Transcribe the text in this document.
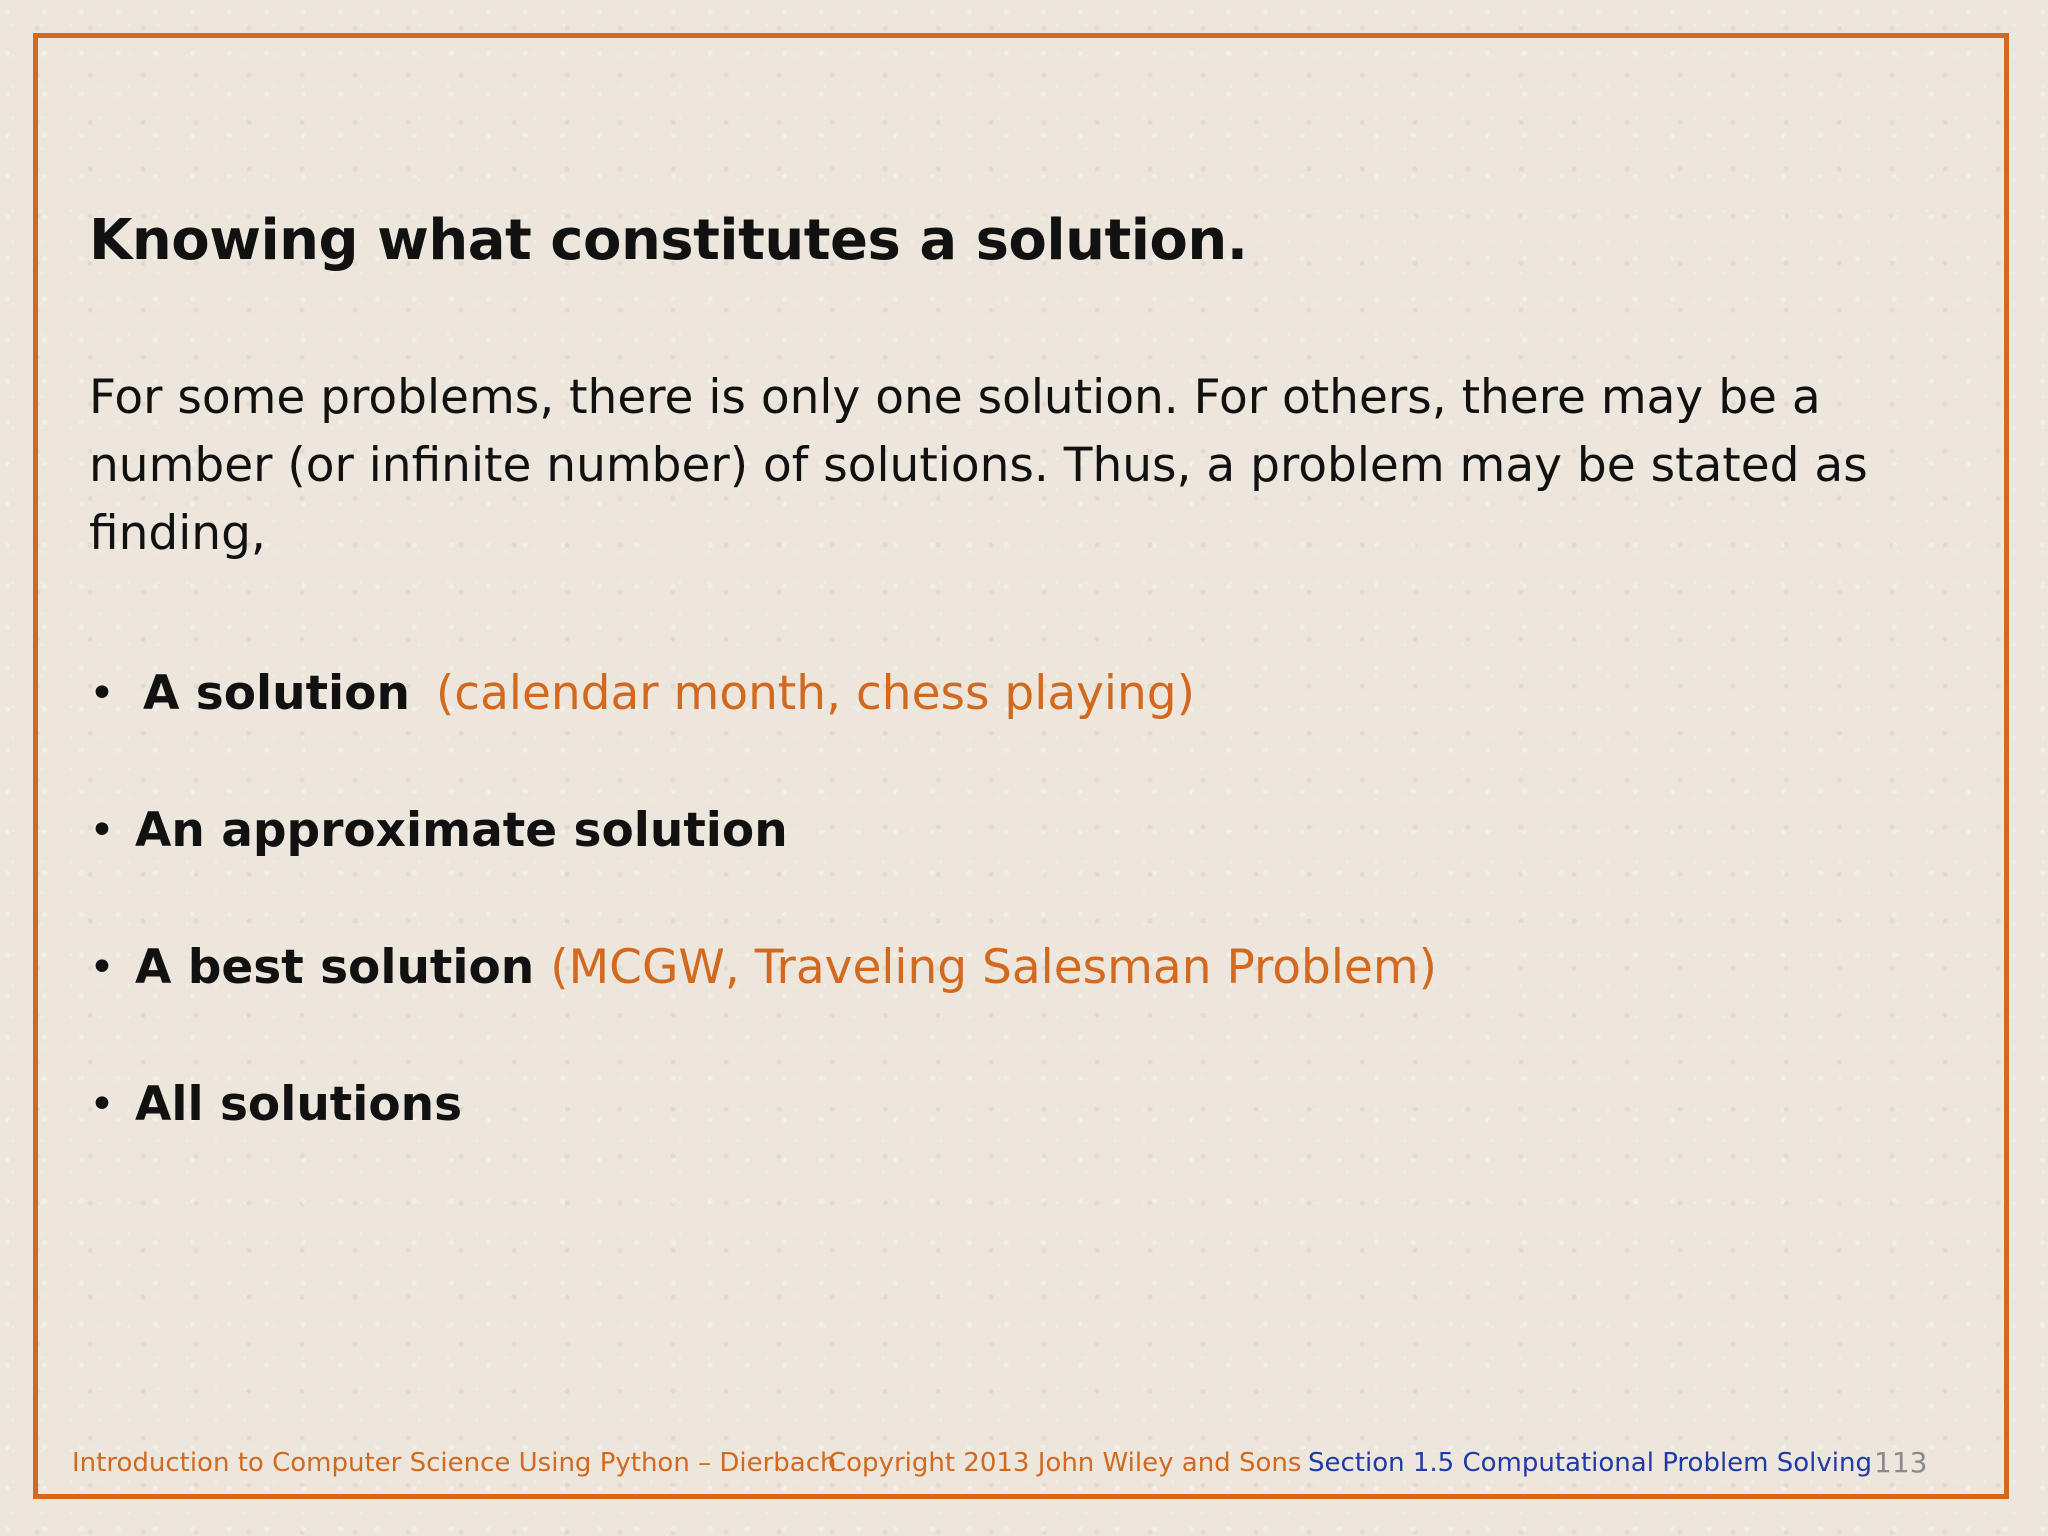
Knowing what constitutes a solution.

For some problems, there is only one solution. For others, there may be a number (or infinite number) of solutions. Thus, a problem may be stated as finding,

• A solution (calendar month, chess playing)
• An approximate solution
• A best solution (MCGW, Traveling Salesman Problem)
• All solutions
Introduction to Computer Science Using Python – Dierbach
Copyright 2013 John Wiley and Sons Section 1.5 Computational Problem Solving 113
